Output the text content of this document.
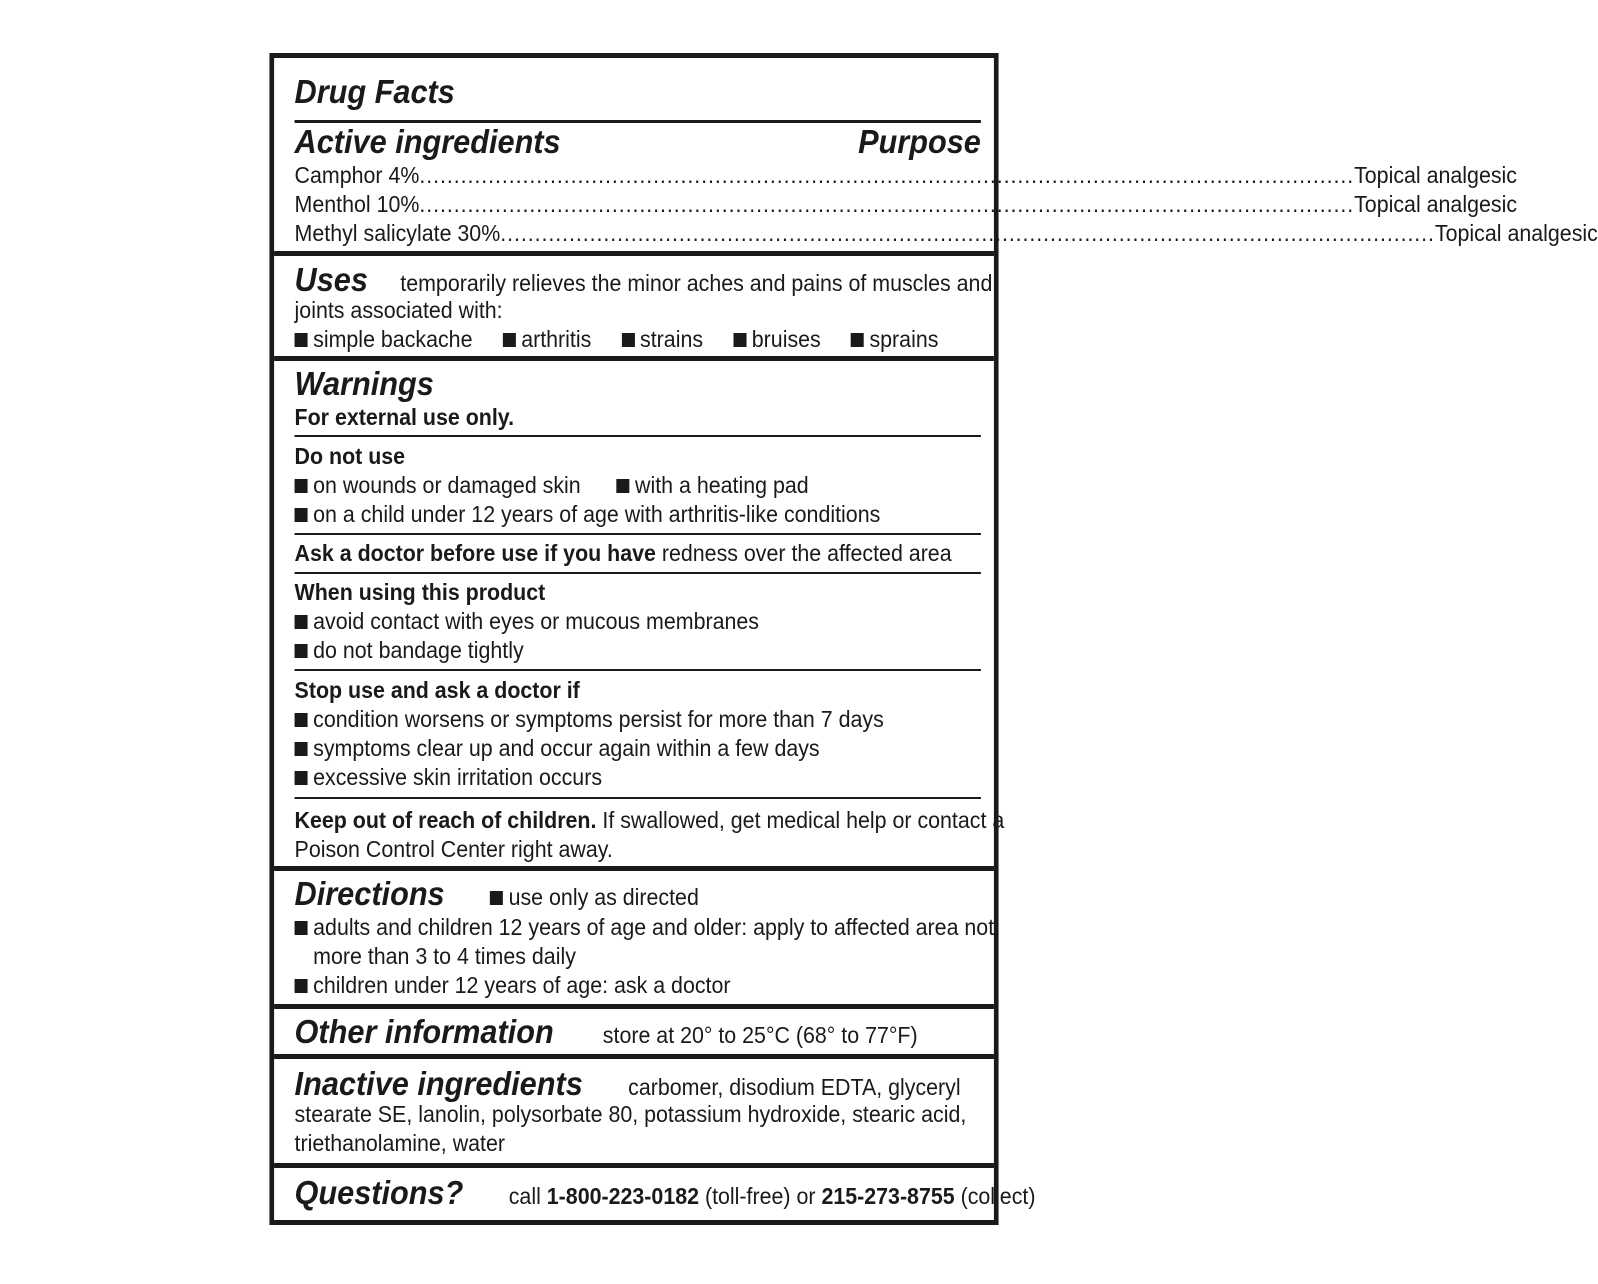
Drug Facts
Active ingredients	Purpose
Camphor 4% ........................................................................................................................................ Topical analgesic
Menthol 10% ........................................................................................................................................ Topical analgesic
Methyl salicylate 30% ........................................................................................................................................ Topical analgesic
Uses temporarily relieves the minor aches and pains of muscles and
joints associated with:
simple backache arthritis strains bruises sprains
Warnings
For external use only.
Do not use
on wounds or damaged skin with a heating pad
on a child under 12 years of age with arthritis-like conditions
Ask a doctor before use if you have redness over the affected area
When using this product
avoid contact with eyes or mucous membranes
do not bandage tightly
Stop use and ask a doctor if
condition worsens or symptoms persist for more than 7 days
symptoms clear up and occur again within a few days
excessive skin irritation occurs
Keep out of reach of children. If swallowed, get medical help or contact a
Poison Control Center right away.
Directions	use only as directed
adults and children 12 years of age and older: apply to affected area not
more than 3 to 4 times daily
children under 12 years of age: ask a doctor
Other information store at 20° to 25°C (68° to 77°F)
Inactive ingredients carbomer, disodium EDTA, glyceryl
stearate SE, lanolin, polysorbate 80, potassium hydroxide, stearic acid,
triethanolamine, water
Questions? call 1-800-223-0182 (toll-free) or 215-273-8755 (collect)
